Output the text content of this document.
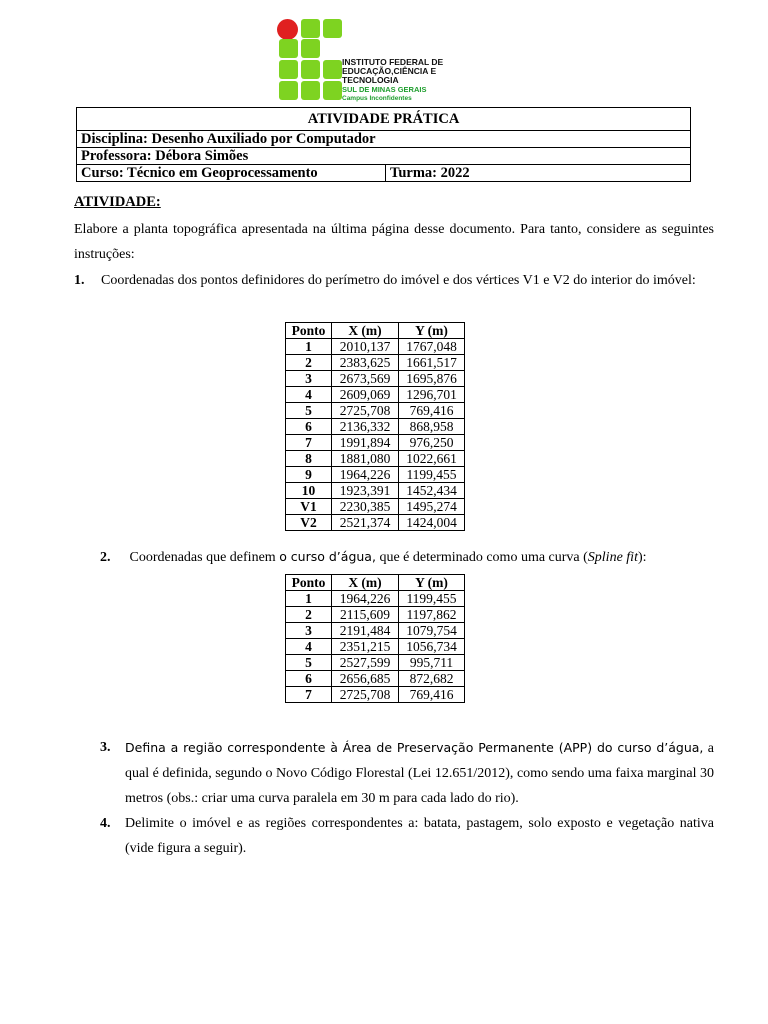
INSTITUTO FEDERAL DE
EDUCAÇÃO,CIÊNCIA E TECNOLOGIA
SUL DE MINAS GERAIS
Campus Inconfidentes
ATIVIDADE PRÁTICA
Disciplina: Desenho Auxiliado por Computador
Professora: Débora Simões
Curso: Técnico em Geoprocessamento	Turma: 2022
ATIVIDADE:
Elabore a planta topográfica apresentada na última página desse documento. Para tanto, considere as seguintes instruções:
1.	Coordenadas dos pontos definidores do perímetro do imóvel e dos vértices V1 e V2 do interior do imóvel:
Ponto	X (m)	Y (m)
1	2010,137	1767,048
2	2383,625	1661,517
3	2673,569	1695,876
4	2609,069	1296,701
5	2725,708	769,416
6	2136,332	868,958
7	1991,894	976,250
8	1881,080	1022,661
9	1964,226	1199,455
10	1923,391	1452,434
V1	2230,385	1495,274
V2	2521,374	1424,004
2. Coordenadas que definem o curso d’água, que é determinado como uma curva (Spline fit):
Ponto	X (m)	Y (m)
1	1964,226	1199,455
2	2115,609	1197,862
3	2191,484	1079,754
4	2351,215	1056,734
5	2527,599	995,711
6	2656,685	872,682
7	2725,708	769,416
3.	Defina a região correspondente à Área de Preservação Permanente (APP) do curso d’água, a qual é definida, segundo o Novo Código Florestal (Lei 12.651/2012), como sendo uma faixa marginal 30 metros (obs.: criar uma curva paralela em 30 m para cada lado do rio).
4.	Delimite o imóvel e as regiões correspondentes a: batata, pastagem, solo exposto e vegetação nativa (vide figura a seguir).
